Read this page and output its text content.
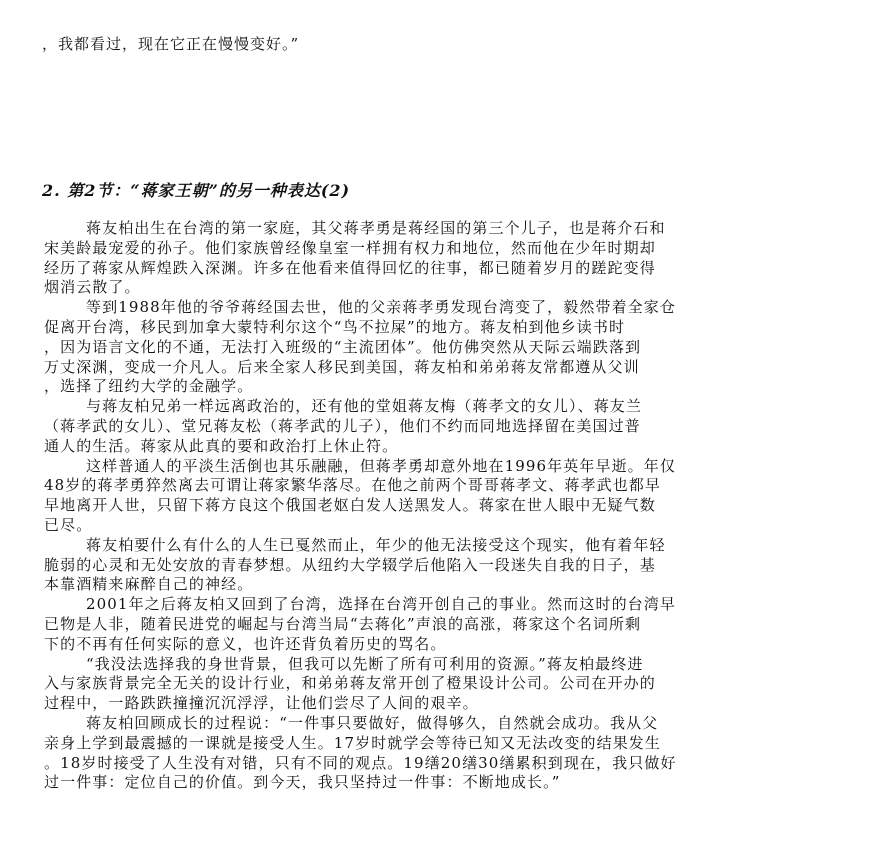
，我都看过，现在它正在慢慢变好。”
2. 第2节：“蒋家王朝”的另一种表达(2)
蒋友柏出生在台湾的第一家庭，其父蒋孝勇是蒋经国的第三个儿子，也是蒋介石和
宋美龄最宠爱的孙子。他们家族曾经像皇室一样拥有权力和地位，然而他在少年时期却
经历了蒋家从辉煌跌入深渊。许多在他看来值得回忆的往事，都已随着岁月的蹉跎变得
烟消云散了。
等到1988年他的爷爷蒋经国去世，他的父亲蒋孝勇发现台湾变了，毅然带着全家仓
促离开台湾，移民到加拿大蒙特利尔这个“鸟不拉屎”的地方。蒋友柏到他乡读书时
，因为语言文化的不通，无法打入班级的“主流团体”。他仿佛突然从天际云端跌落到
万丈深渊，变成一介凡人。后来全家人移民到美国，蒋友柏和弟弟蒋友常都遵从父训
，选择了纽约大学的金融学。
与蒋友柏兄弟一样远离政治的，还有他的堂姐蒋友梅（蒋孝文的女儿）、蒋友兰
（蒋孝武的女儿）、堂兄蒋友松（蒋孝武的儿子），他们不约而同地选择留在美国过普
通人的生活。蒋家从此真的要和政治打上休止符。
这样普通人的平淡生活倒也其乐融融，但蒋孝勇却意外地在1996年英年早逝。年仅
48岁的蒋孝勇猝然离去可谓让蒋家繁华落尽。在他之前两个哥哥蒋孝文、蒋孝武也都早
早地离开人世，只留下蒋方良这个俄国老妪白发人送黑发人。蒋家在世人眼中无疑气数
已尽。
蒋友柏要什么有什么的人生已戛然而止，年少的他无法接受这个现实，他有着年轻
脆弱的心灵和无处安放的青春梦想。从纽约大学辍学后他陷入一段迷失自我的日子，基
本靠酒精来麻醉自己的神经。
2001年之后蒋友柏又回到了台湾，选择在台湾开创自己的事业。然而这时的台湾早
已物是人非，随着民进党的崛起与台湾当局“去蒋化”声浪的高涨，蒋家这个名词所剩
下的不再有任何实际的意义，也许还背负着历史的骂名。
“我没法选择我的身世背景，但我可以先断了所有可利用的资源。”蒋友柏最终进
入与家族背景完全无关的设计行业，和弟弟蒋友常开创了橙果设计公司。公司在开办的
过程中，一路跌跌撞撞沉沉浮浮，让他们尝尽了人间的艰辛。
蒋友柏回顾成长的过程说：“一件事只要做好，做得够久，自然就会成功。我从父
亲身上学到最震撼的一课就是接受人生。17岁时就学会等待已知又无法改变的结果发生
。18岁时接受了人生没有对错，只有不同的观点。19缮20缮30缮累积到现在，我只做好
过一件事：定位自己的价值。到今天，我只坚持过一件事：不断地成长。”
